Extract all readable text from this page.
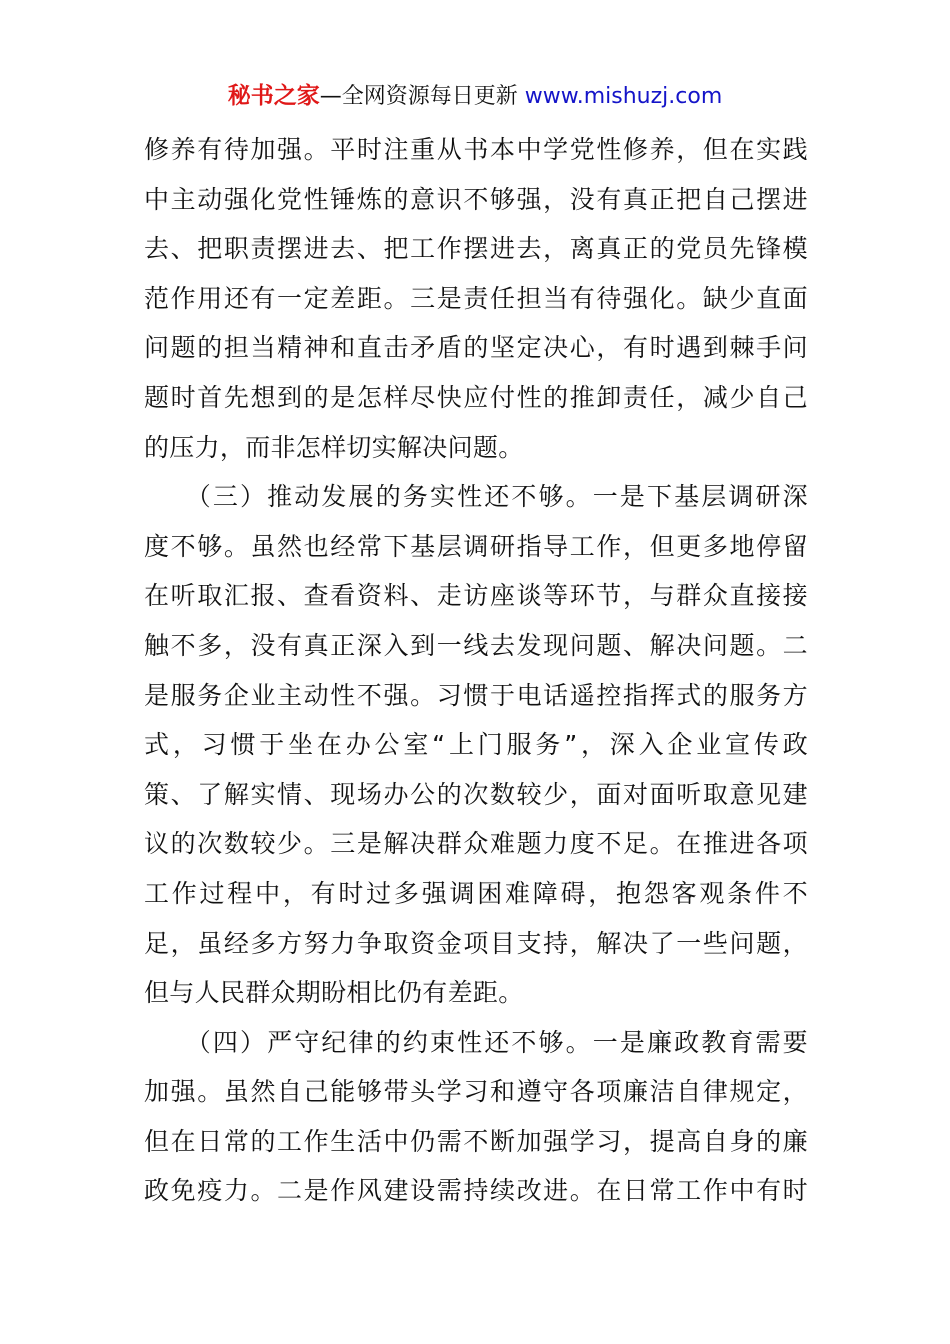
秘书之家—全网资源每日更新 www.mishuzj.com
修养有待加强。平时注重从书本中学党性修养，但在实践
中主动强化党性锤炼的意识不够强，没有真正把自己摆进
去、把职责摆进去、把工作摆进去，离真正的党员先锋模
范作用还有一定差距。三是责任担当有待强化。缺少直面
问题的担当精神和直击矛盾的坚定决心，有时遇到棘手问
题时首先想到的是怎样尽快应付性的推卸责任，减少自己
的压力，而非怎样切实解决问题。
　　（三）推动发展的务实性还不够。一是下基层调研深
度不够。虽然也经常下基层调研指导工作，但更多地停留
在听取汇报、查看资料、走访座谈等环节，与群众直接接
触不多，没有真正深入到一线去发现问题、解决问题。二
是服务企业主动性不强。习惯于电话遥控指挥式的服务方
式，习惯于坐在办公室“上门服务”，深入企业宣传政
策、了解实情、现场办公的次数较少，面对面听取意见建
议的次数较少。三是解决群众难题力度不足。在推进各项
工作过程中，有时过多强调困难障碍，抱怨客观条件不
足，虽经多方努力争取资金项目支持，解决了一些问题，
但与人民群众期盼相比仍有差距。
　　（四）严守纪律的约束性还不够。一是廉政教育需要
加强。虽然自己能够带头学习和遵守各项廉洁自律规定，
但在日常的工作生活中仍需不断加强学习，提高自身的廉
政免疫力。二是作风建设需持续改进。在日常工作中有时
